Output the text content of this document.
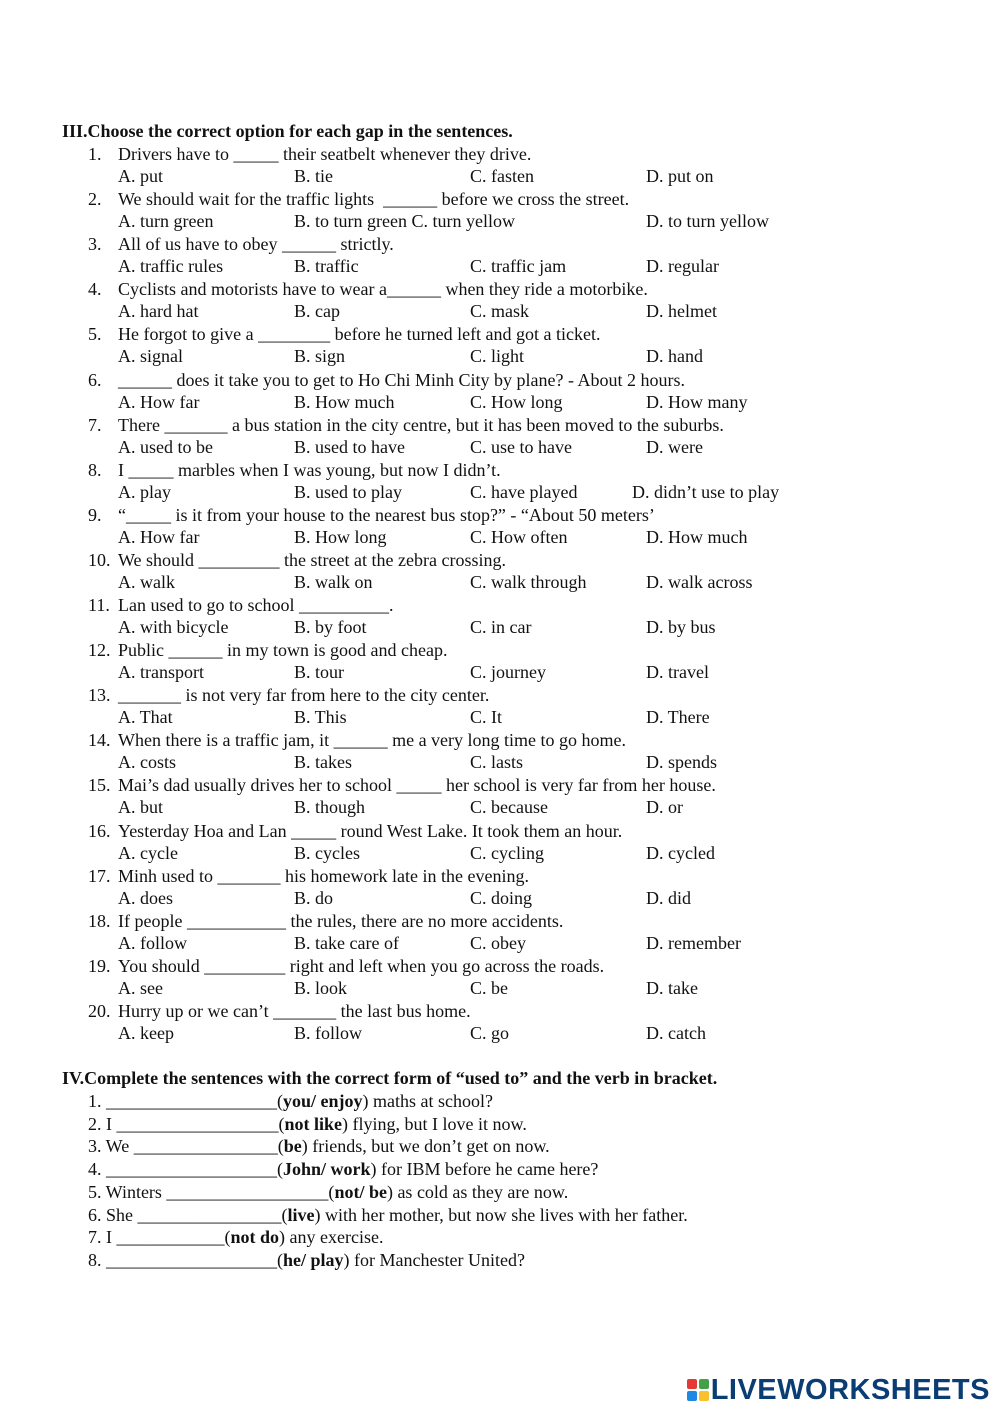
III.Choose the correct option for each gap in the sentences.
1. Drivers have to _____ their seatbelt whenever they drive.
A. put	B. tie	C. fasten	D. put on
2. We should wait for the traffic lights  ______ before we cross the street.
A. turn green	B. to turn green C. turn yellow	D. to turn yellow
3. All of us have to obey ______ strictly.
A. traffic rules	B. traffic	C. traffic jam	D. regular
4. Cyclists and motorists have to wear a______ when they ride a motorbike.
A. hard hat	B. cap	C. mask	D. helmet
5. He forgot to give a ________ before he turned left and got a ticket.
A. signal	B. sign	C. light	D. hand
6. ______ does it take you to get to Ho Chi Minh City by plane? - About 2 hours.
A. How far	B. How much	C. How long	D. How many
7. There _______ a bus station in the city centre, but it has been moved to the suburbs.
A. used to be	B. used to have	C. use to have	D. were
8. I _____ marbles when I was young, but now I didn’t.
A. play	B. used to play	C. have played	D. didn’t use to play
9. “_____ is it from your house to the nearest bus stop?” - “About 50 meters’
A. How far	B. How long	C. How often	D. How much
10. We should _________ the street at the zebra crossing.
A. walk	B. walk on	C. walk through	D. walk across
11. Lan used to go to school __________.
A. with bicycle	B. by foot	C. in car	D. by bus
12. Public ______ in my town is good and cheap.
A. transport	B. tour	C. journey	D. travel
13. _______ is not very far from here to the city center.
A. That	B. This	C. It	D. There
14. When there is a traffic jam, it ______ me a very long time to go home.
A. costs	B. takes	C. lasts	D. spends
15. Mai’s dad usually drives her to school _____ her school is very far from her house.
A. but	B. though	C. because	D. or
16. Yesterday Hoa and Lan _____ round West Lake. It took them an hour.
A. cycle	B. cycles	C. cycling	D. cycled
17. Minh used to _______ his homework late in the evening.
A. does	B. do	C. doing	D. did
18. If people ___________ the rules, there are no more accidents.
A. follow	B. take care of	C. obey	D. remember
19. You should _________ right and left when you go across the roads.
A. see	B. look	C. be	D. take
20. Hurry up or we can’t _______ the last bus home.
A. keep	B. follow	C. go	D. catch
IV.Complete the sentences with the correct form of “used to” and the verb in bracket.
1. ___________________(you/ enjoy) maths at school?
2. I __________________(not like) flying, but I love it now.
3. We ________________(be) friends, but we don’t get on now.
4. ___________________(John/ work) for IBM before he came here?
5. Winters __________________(not/ be) as cold as they are now.
6. She ________________(live) with her mother, but now she lives with her father.
7. I ____________(not do) any exercise.
8. ___________________(he/ play) for Manchester United?
LIVEWORKSHEETS
